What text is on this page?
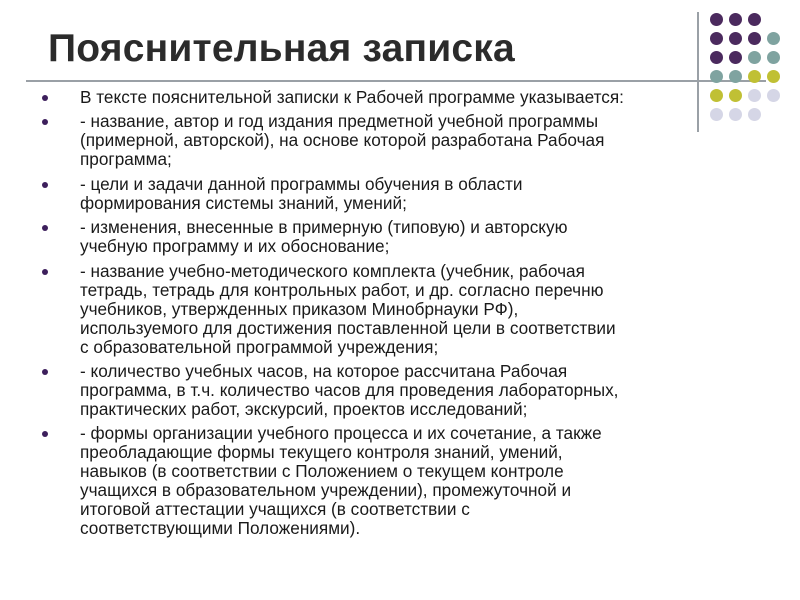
Пояснительная записка
В тексте пояснительной записки к Рабочей программе указывается:
- название, автор и год издания предметной учебной программы
(примерной, авторской), на основе которой разработана Рабочая
программа;
- цели и задачи данной программы обучения в области
формирования системы знаний, умений;
- изменения, внесенные в примерную (типовую) и авторскую
учебную программу и их обоснование;
- название учебно-методического комплекта (учебник, рабочая
тетрадь, тетрадь для контрольных работ, и др. согласно перечню
учебников, утвержденных приказом Минобрнауки РФ),
используемого для достижения поставленной цели в соответствии
с образовательной программой учреждения;
- количество учебных часов, на которое рассчитана Рабочая
программа, в т.ч. количество часов для проведения лабораторных,
практических работ, экскурсий, проектов исследований;
- формы организации учебного процесса и их сочетание, а также
преобладающие формы текущего контроля знаний, умений,
навыков (в соответствии с Положением о текущем контроле
учащихся в образовательном учреждении), промежуточной и
итоговой аттестации учащихся (в соответствии с
соответствующими Положениями).
